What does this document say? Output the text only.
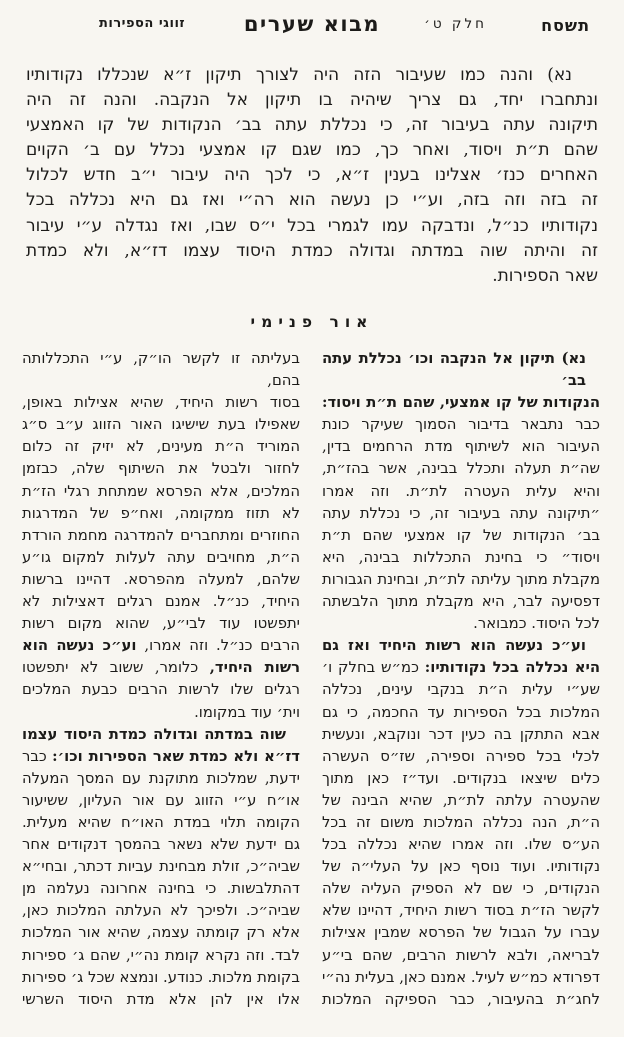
תשסח
חלק ט׳
מבוא שערים
זווגי הספירות
נא) והנה כמו שעיבור הזה היה לצורך תיקון ז״א שנכללו נקודותיו
ונתחברו יחד, גם צריך שיהיה בו תיקון אל הנקבה. והנה זה היה
תיקונה עתה בעיבור זה, כי נכללת עתה בב׳ הנקודות של קו האמצעי
שהם ת״ת ויסוד, ואחר כך, כמו שגם קו אמצעי נכלל עם ב׳ הקוים
האחרים כנז׳ אצלינו בענין ז״א, כי לכך היה עיבור י״ב חדש לכלול
זה בזה וזה בזה, וע״י כן נעשה הוא רה״י ואז גם היא נכללה בכל
נקודותיו כנ״ל, ונדבקה עמו לגמרי בכל י״ס שבו, ואז נגדלה ע״י עיבור
זה והיתה שוה במדתה וגדולה כמדת היסוד עצמו דז״א, ולא כמדת
שאר הספירות.
אור פנימי
נא) תיקון אל הנקבה וכו׳ נכללת עתה בב׳
הנקודות של קו אמצעי, שהם ת״ת ויסוד:
כבר נתבאר בדיבור הסמוך שעיקר כונת
העיבור הוא לשיתוף מדת הרחמים בדין,
שה״ת תעלה ותכלל בבינה, אשר בהז״ת,
והיא עלית העטרה לת״ת. וזה אמרו
״תיקונה עתה בעיבור זה, כי נכללת עתה
בב׳ הנקודות של קו אמצעי שהם ת״ת
ויסוד״ כי בחינת התכללות בבינה, היא
מקבלת מתוך עליתה לת״ת, ובחינת הגבורות
דפסיעה לבר, היא מקבלת מתוך הלבשתה
לכל היסוד. כמבואר.
וע״כ נעשה הוא רשות היחיד ואז גם
היא נכללה בכל נקודותיו: כמ״ש בחלק ו׳
שע״י עלית ה״ת בנקבי עינים, נכללה
המלכות בכל הספירות עד החכמה, כי גם
אבא התתקן בה כעין דכר ונוקבא, ונעשית
לכלי בכל ספירה וספירה, שז״ס העשרה
כלים שיצאו בנקודים. ועד״ז כאן מתוך
שהעטרה עלתה לת״ת, שהיא הבינה של
ה״ת, הנה נכללה המלכות משום זה בכל
הע״ס שלו. וזה אמרו שהיא נכללה בכל
נקודותיו. ועוד נוסף כאן על העלי״ה של
הנקודים, כי שם לא הספיק העליה שלה
לקשר הז״ת בסוד רשות היחיד, דהיינו שלא
עברו על הגבול של הפרסא שמבין אצילות
לבריאה, ולבא לרשות הרבים, שהם בי״ע
דפרודא כמ״ש לעיל. אמנם כאן, בעלית נה״י
לחג״ת בהעיבור, כבר הספיקה המלכות
בעליתה זו לקשר הו״ק, ע״י התכללותה בהם,
בסוד רשות היחיד, שהיא אצילות באופן,
שאפילו בעת שישיגו האור הזווג ע״ב ס״ג
המוריד ה״ת מעינים, לא יזיק זה כלום
לחזור ולבטל את השיתוף שלה, כבזמן
המלכים, אלא הפרסא שמתחת רגלי הז״ת
לא תזוז ממקומה, ואח״פ של המדרגות
החוזרים ומתחברים להמדרגה מחמת הורדת
ה״ת, מחויבים עתה לעלות למקום גו״ע
שלהם, למעלה מהפרסא. דהיינו ברשות
היחיד, כנ״ל. אמנם רגלים דאצילות לא
יתפשטו עוד לבי״ע, שהוא מקום רשות
הרבים כנ״ל. וזה אמרו, וע״כ נעשה הוא
רשות היחיד, כלומר, ששוב לא יתפשטו
רגלים שלו לרשות הרבים כבעת המלכים
וית׳ עוד במקומו.
שוה במדתה וגדולה כמדת היסוד עצמו
דז״א ולא כמדת שאר הספירות וכו׳: כבר
ידעת, שמלכות מתוקנת עם המסך המעלה
או״ח ע״י הזווג עם אור העליון, ששיעור
הקומה תלוי במדת האו״ח שהיא מעלית.
גם ידעת שלא נשאר בהמסך דנקודים אחר
שביה״כ, זולת מבחינת עביות דכתר, ובחי״א
דהתלבשות. כי בחינה אחרונה נעלמה מן
שביה״כ. ולפיכך לא העלתה המלכות כאן,
אלא רק קומתה עצמה, שהיא אור המלכות
לבד. וזה נקרא קומת נה״י, שהם ג׳ ספירות
בקומת מלכות. כנודע. ונמצא שכל ג׳ ספירות
אלו אין להן אלא מדת היסוד השרשי
